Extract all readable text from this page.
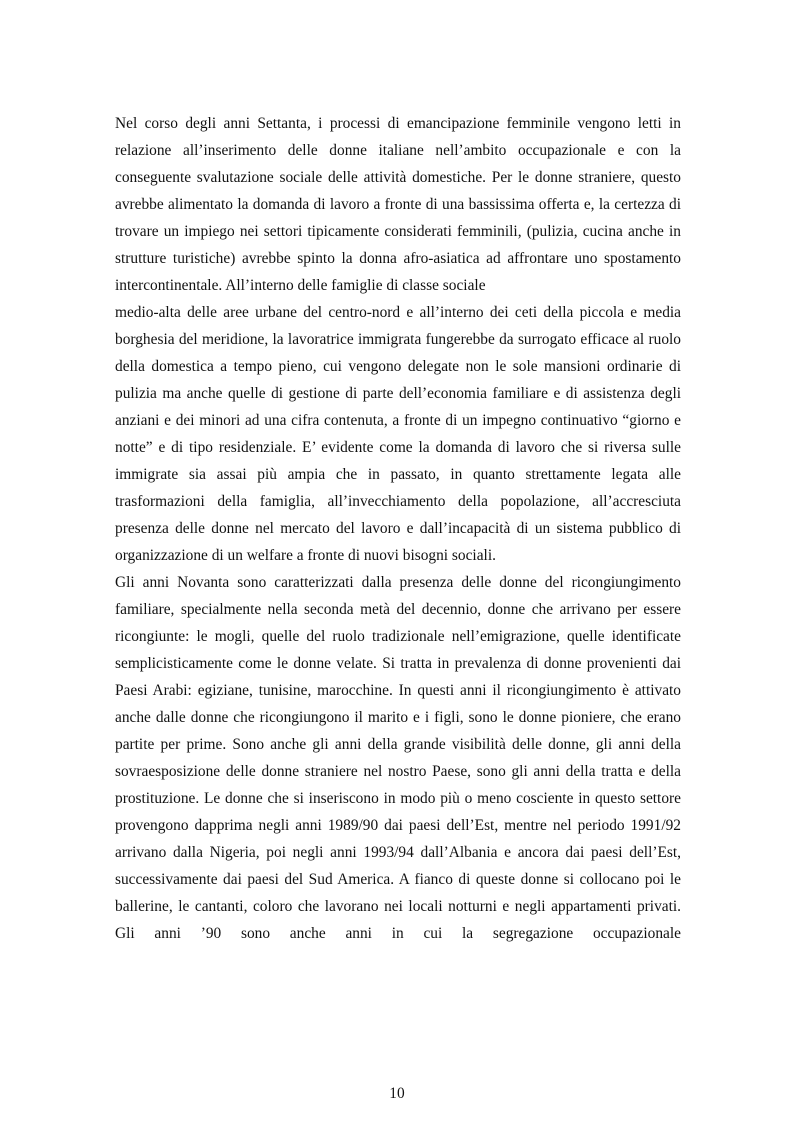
Nel corso degli anni Settanta, i processi di emancipazione femminile vengono letti in relazione all’inserimento delle donne italiane nell’ambito occupazionale e con la conseguente svalutazione sociale delle attività domestiche. Per le donne straniere, questo avrebbe alimentato la domanda di lavoro a fronte di una bassissima offerta e, la certezza di trovare un impiego nei settori tipicamente considerati femminili, (pulizia, cucina anche in strutture turistiche) avrebbe spinto la donna afro-asiatica ad affrontare uno spostamento intercontinentale. All’interno delle famiglie di classe sociale

medio-alta delle aree urbane del centro-nord e all’interno dei ceti della piccola e media borghesia del meridione, la lavoratrice immigrata fungerebbe da surrogato efficace al ruolo della domestica a tempo pieno, cui vengono delegate non le sole mansioni ordinarie di pulizia ma anche quelle di gestione di parte dell’economia familiare e di assistenza degli anziani e dei minori ad una cifra contenuta, a fronte di un impegno continuativo “giorno e notte” e di tipo residenziale. E’ evidente come la domanda di lavoro che si riversa sulle immigrate sia assai più ampia che in passato, in quanto strettamente legata alle trasformazioni della famiglia, all’invecchiamento della popolazione, all’accresciuta presenza delle donne nel mercato del lavoro e dall’incapacità di un sistema pubblico di organizzazione di un welfare a fronte di nuovi bisogni sociali.

Gli anni Novanta sono caratterizzati dalla presenza delle donne del ricongiungimento familiare, specialmente nella seconda metà del decennio, donne che arrivano per essere ricongiunte: le mogli, quelle del ruolo tradizionale nell’emigrazione, quelle identificate semplicisticamente come le donne velate. Si tratta in prevalenza di donne provenienti dai Paesi Arabi: egiziane, tunisine, marocchine. In questi anni il ricongiungimento è attivato anche dalle donne che ricongiungono il marito e i figli, sono le donne pioniere, che erano partite per prime. Sono anche gli anni della grande visibilità delle donne, gli anni della sovraesposizione delle donne straniere nel nostro Paese, sono gli anni della tratta e della prostituzione. Le donne che si inseriscono in modo più o meno cosciente in questo settore provengono dapprima negli anni 1989/90 dai paesi dell’Est, mentre nel periodo 1991/92 arrivano dalla Nigeria, poi negli anni 1993/94 dall’Albania e ancora dai paesi dell’Est, successivamente dai paesi del Sud America. A fianco di queste donne si collocano poi le ballerine, le cantanti, coloro che lavorano nei locali notturni e negli appartamenti privati. Gli anni ’90 sono anche anni in cui la segregazione occupazionale

10
